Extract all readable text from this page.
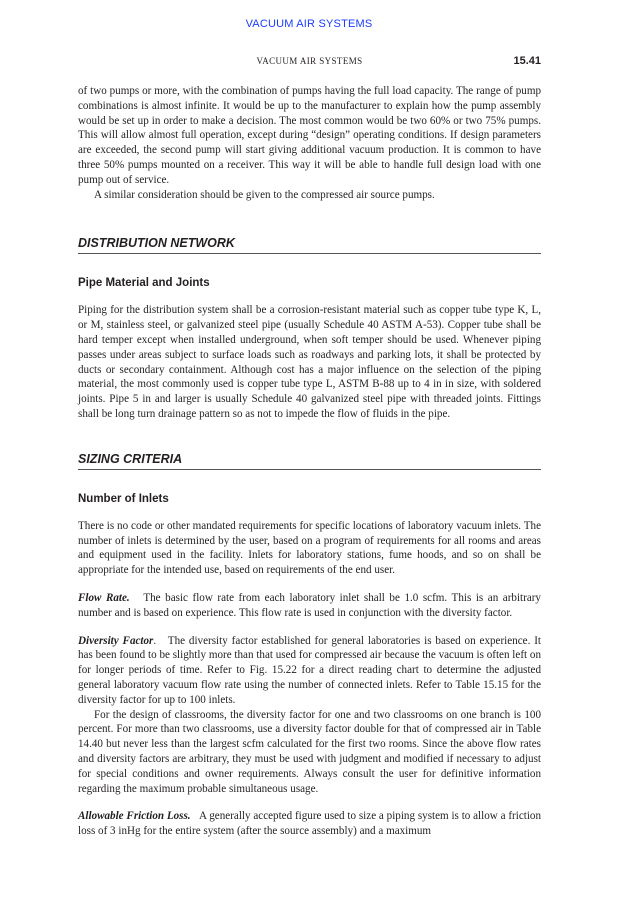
VACUUM AIR SYSTEMS
VACUUM AIR SYSTEMS	15.41

of two pumps or more, with the combination of pumps having the full load capacity. The range of pump combinations is almost infinite. It would be up to the manufacturer to explain how the pump assembly would be set up in order to make a decision. The most common would be two 60% or two 75% pumps. This will allow almost full operation, except during “design” operating conditions. If design parameters are exceeded, the second pump will start giving additional vacuum production. It is common to have three 50% pumps mounted on a receiver. This way it will be able to handle full design load with one pump out of service.

A similar consideration should be given to the compressed air source pumps.

DISTRIBUTION NETWORK
Pipe Material and Joints

Piping for the distribution system shall be a corrosion-resistant material such as copper tube type K, L, or M, stainless steel, or galvanized steel pipe (usually Schedule 40 ASTM A-53). Copper tube shall be hard temper except when installed underground, when soft temper should be used. Whenever piping passes under areas subject to surface loads such as roadways and parking lots, it shall be protected by ducts or secondary containment. Although cost has a major influence on the selection of the piping material, the most commonly used is copper tube type L, ASTM B-88 up to 4 in in size, with soldered joints. Pipe 5 in and larger is usually Schedule 40 galvanized steel pipe with threaded joints. Fittings shall be long turn drainage pattern so as not to impede the flow of fluids in the pipe.

SIZING CRITERIA
Number of Inlets

There is no code or other mandated requirements for specific locations of laboratory vacuum inlets. The number of inlets is determined by the user, based on a program of requirements for all rooms and areas and equipment used in the facility. Inlets for laboratory stations, fume hoods, and so on shall be appropriate for the intended use, based on requirements of the end user.

Flow Rate. The basic flow rate from each laboratory inlet shall be 1.0 scfm. This is an arbitrary number and is based on experience. This flow rate is used in conjunction with the diversity factor.

Diversity Factor.   The diversity factor established for general laboratories is based on experience. It has been found to be slightly more than that used for compressed air because the vacuum is often left on for longer periods of time. Refer to Fig. 15.22 for a direct reading chart to determine the adjusted general laboratory vacuum flow rate using the number of connected inlets. Refer to Table 15.15 for the diversity factor for up to 100 inlets.

For the design of classrooms, the diversity factor for one and two classrooms on one branch is 100 percent. For more than two classrooms, use a diversity factor double for that of compressed air in Table 14.40 but never less than the largest scfm calculated for the first two rooms. Since the above flow rates and diversity factors are arbitrary, they must be used with judgment and modified if necessary to adjust for special conditions and owner requirements. Always consult the user for definitive information regarding the maximum probable simultaneous usage.

Allowable Friction Loss. A generally accepted figure used to size a piping system is to allow a friction loss of 3 inHg for the entire system (after the source assembly) and a maximum
